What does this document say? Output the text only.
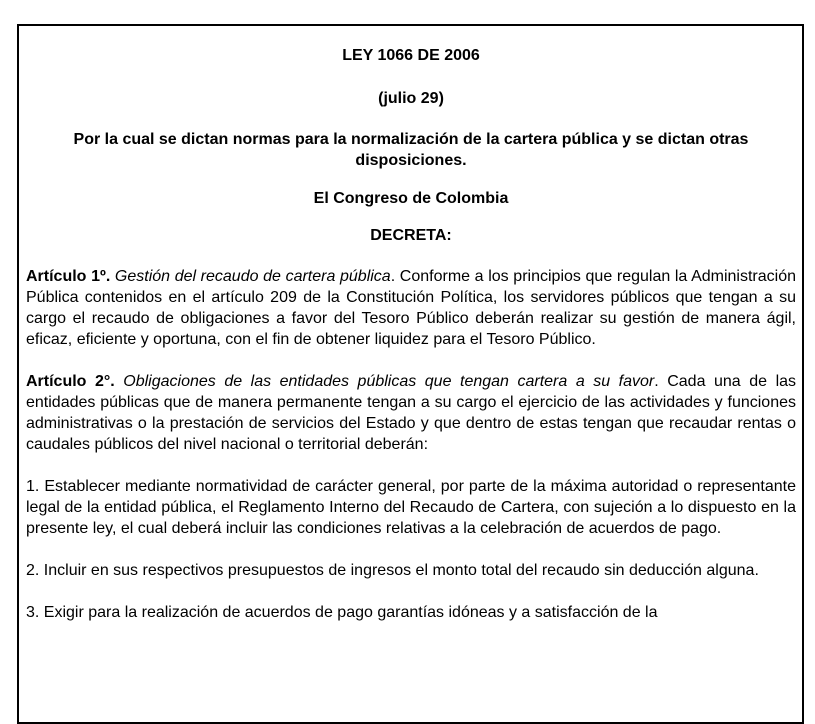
LEY 1066 DE 2006

(julio 29)

Por la cual se dictan normas para la normalización de la cartera pública y se dictan otras disposiciones.

El Congreso de Colombia

DECRETA:

Artículo 1º. Gestión del recaudo de cartera pública. Conforme a los principios que regulan la Administración Pública contenidos en el artículo 209 de la Constitución Política, los servidores públicos que tengan a su cargo el recaudo de obligaciones a favor del Tesoro Público deberán realizar su gestión de manera ágil, eficaz, eficiente y oportuna, con el fin de obtener liquidez para el Tesoro Público.

Artículo 2°. Obligaciones de las entidades públicas que tengan cartera a su favor. Cada una de las entidades públicas que de manera permanente tengan a su cargo el ejercicio de las actividades y funciones administrativas o la prestación de servicios del Estado y que dentro de estas tengan que recaudar rentas o caudales públicos del nivel nacional o territorial deberán:

1. Establecer mediante normatividad de carácter general, por parte de la máxima autoridad o representante legal de la entidad pública, el Reglamento Interno del Recaudo de Cartera, con sujeción a lo dispuesto en la presente ley, el cual deberá incluir las condiciones relativas a la celebración de acuerdos de pago.

2. Incluir en sus respectivos presupuestos de ingresos el monto total del recaudo sin deducción alguna.

3. Exigir para la realización de acuerdos de pago garantías idóneas y a satisfacción de la
